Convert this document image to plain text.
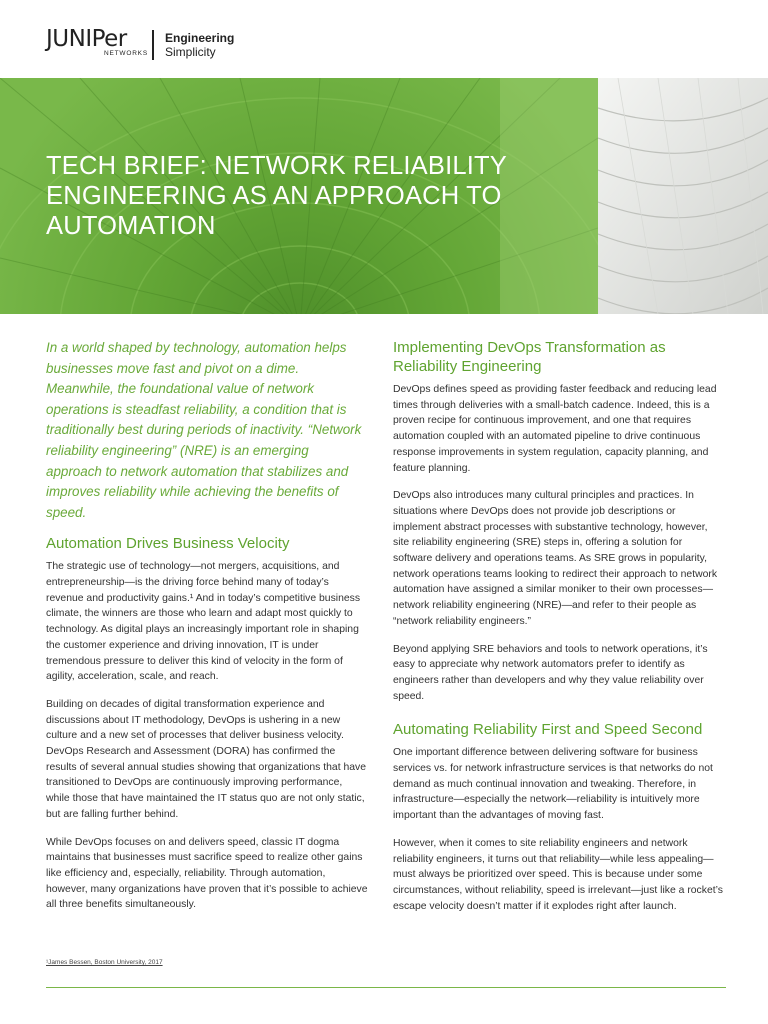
JUNIPer
NETWORKS
Engineering
Simplicity
TECH BRIEF: NETWORK RELIABILITY
ENGINEERING AS AN APPROACH TO
AUTOMATION

In a world shaped by technology, automation helps businesses move fast and pivot on a dime. Meanwhile, the foundational value of network operations is steadfast reliability, a condition that is traditionally best during periods of inactivity. “Network reliability engineering” (NRE) is an emerging approach to network automation that stabilizes and improves reliability while achieving the benefits of speed.

Automation Drives Business Velocity

The strategic use of technology—not mergers, acquisitions, and entrepreneurship—is the driving force behind many of today’s revenue and productivity gains.¹ And in today’s competitive business climate, the winners are those who learn and adapt most quickly to technology. As digital plays an increasingly important role in shaping the customer experience and driving innovation, IT is under tremendous pressure to deliver this kind of velocity in the form of agility, acceleration, scale, and reach.

Building on decades of digital transformation experience and discussions about IT methodology, DevOps is ushering in a new culture and a new set of processes that deliver business velocity. DevOps Research and Assessment (DORA) has confirmed the results of several annual studies showing that organizations that have transitioned to DevOps are continuously improving performance, while those that have maintained the IT status quo are not only static, but are falling further behind.

While DevOps focuses on and delivers speed, classic IT dogma maintains that businesses must sacrifice speed to realize other gains like efficiency and, especially, reliability. Through automation, however, many organizations have proven that it’s possible to achieve all three benefits simultaneously.

¹James Bessen, Boston University, 2017
Implementing DevOps Transformation as Reliability Engineering

DevOps defines speed as providing faster feedback and reducing lead times through deliveries with a small-batch cadence. Indeed, this is a proven recipe for continuous improvement, and one that requires automation coupled with an automated pipeline to drive continuous response improvements in system regulation, capacity planning, and feature planning.

DevOps also introduces many cultural principles and practices. In situations where DevOps does not provide job descriptions or implement abstract processes with substantive technology, however, site reliability engineering (SRE) steps in, offering a solution for software delivery and operations teams. As SRE grows in popularity, network operations teams looking to redirect their approach to network automation have assigned a similar moniker to their own processes—network reliability engineering (NRE)—and refer to their people as “network reliability engineers.”

Beyond applying SRE behaviors and tools to network operations, it’s easy to appreciate why network automators prefer to identify as engineers rather than developers and why they value reliability over speed.

Automating Reliability First and Speed Second

One important difference between delivering software for business services vs. for network infrastructure services is that networks do not demand as much continual innovation and tweaking. Therefore, in infrastructure—especially the network—reliability is intuitively more important than the advantages of moving fast.

However, when it comes to site reliability engineers and network reliability engineers, it turns out that reliability—while less appealing—must always be prioritized over speed. This is because under some circumstances, without reliability, speed is irrelevant—just like a rocket’s escape velocity doesn’t matter if it explodes right after launch.
